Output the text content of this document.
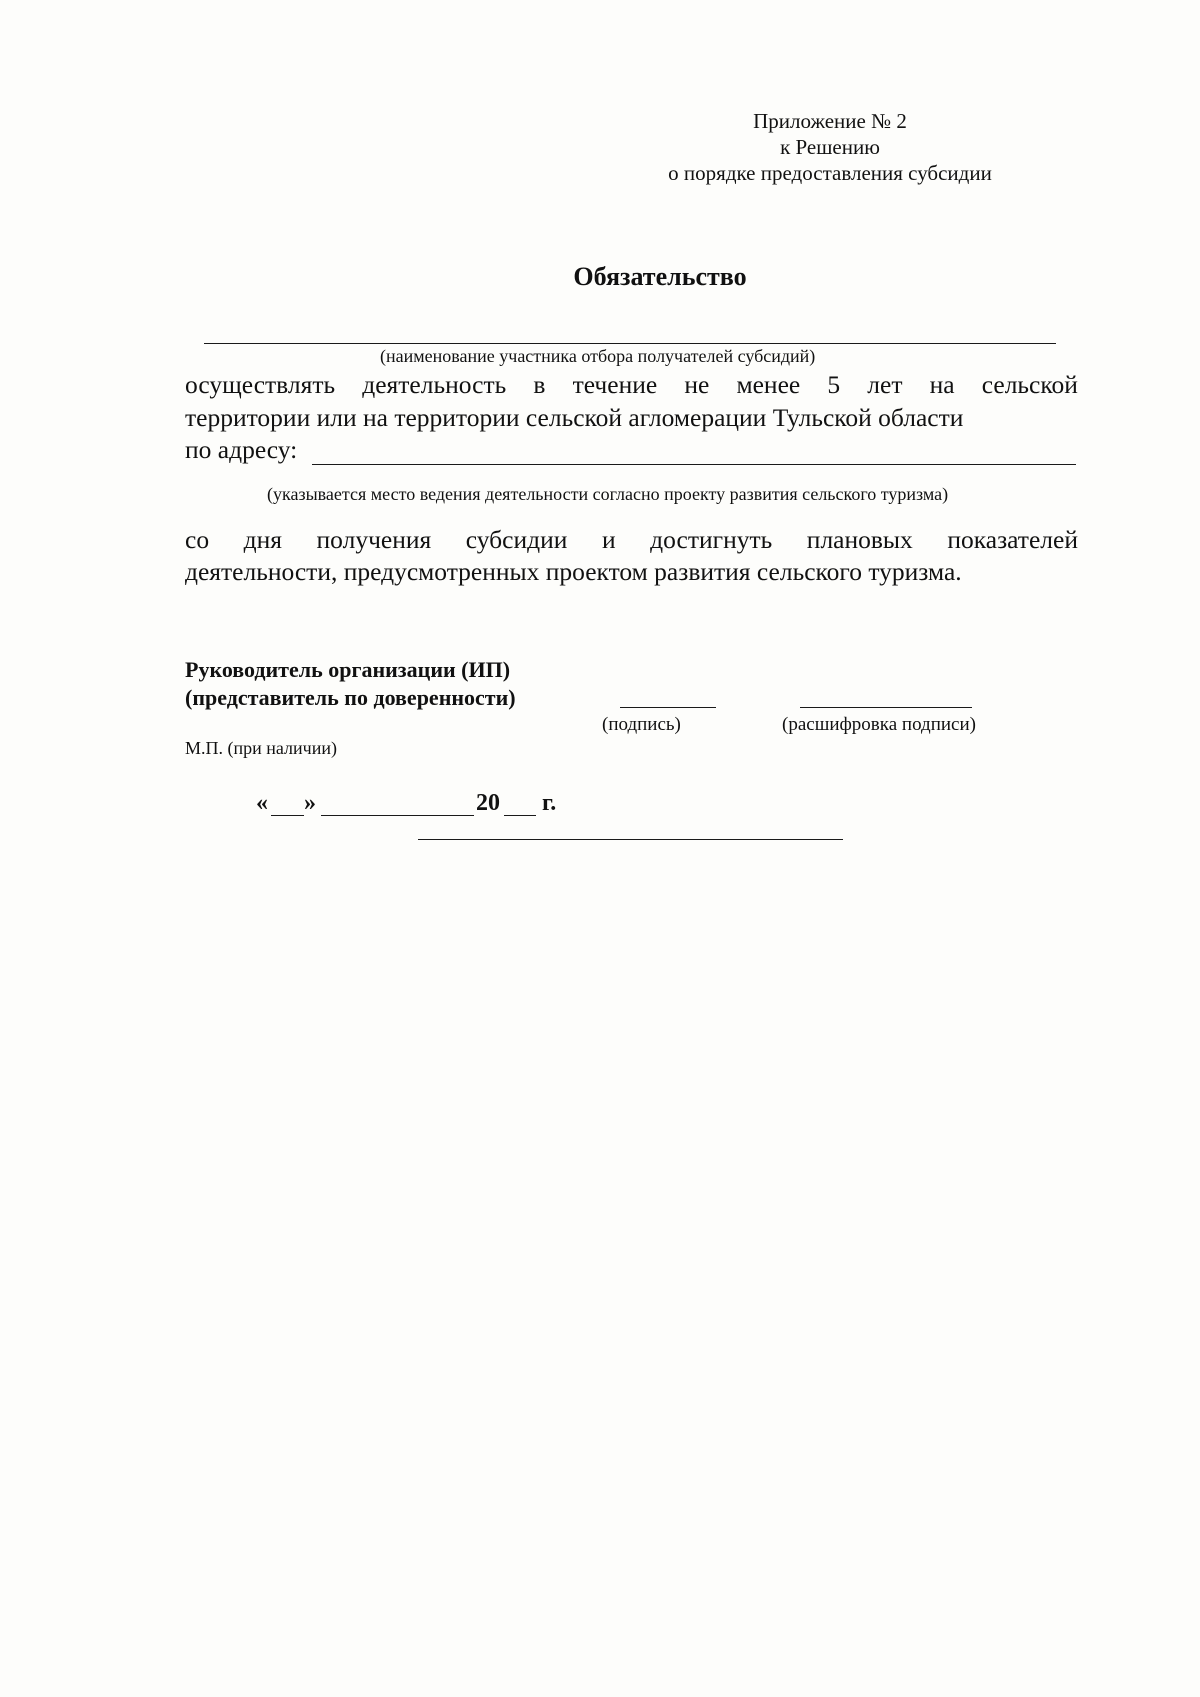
Приложение № 2
к Решению
о порядке предоставления субсидии
Обязательство
(наименование участника отбора получателей субсидий)
осуществлять деятельность в течение не менее 5 лет на сельской
территории или на территории сельской агломерации Тульской области
по адресу:
(указывается место ведения деятельности согласно проекту развития сельского туризма)
со дня получения субсидии и достигнуть плановых показателей
деятельности, предусмотренных проектом развития сельского туризма.
Руководитель организации (ИП)
(представитель по доверенности)
(подпись)	(расшифровка подписи)
М.П. (при наличии)
« »	20 г.
